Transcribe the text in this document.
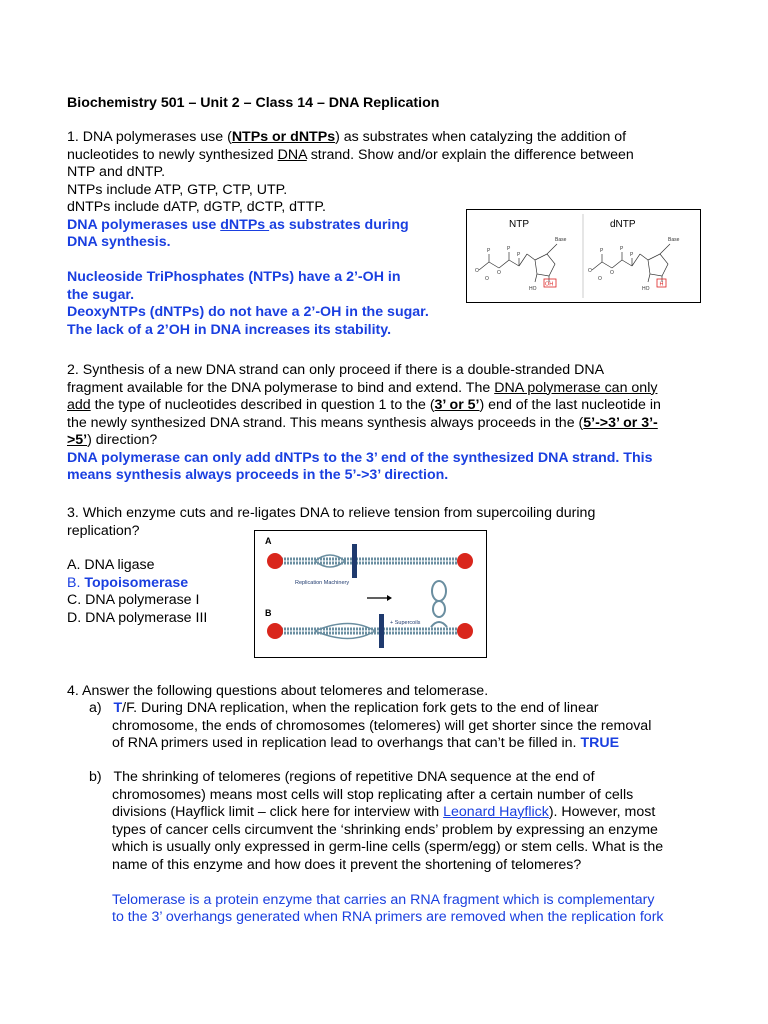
Biochemistry 501 – Unit 2 – Class 14 – DNA Replication

1. DNA polymerases use (NTPs or dNTPs) as substrates when catalyzing the addition of

nucleotides to newly synthesized DNA strand. Show and/or explain the difference between

NTP and dNTP.

NTPs include ATP, GTP, CTP, UTP.

dNTPs include dATP, dGTP, dCTP, dTTP.

DNA polymerases use dNTPs as substrates during

DNA synthesis.

Nucleoside TriPhosphates (NTPs) have a 2’-OH in

the sugar.

DeoxyNTPs (dNTPs) do not have a 2’-OH in the sugar.

The lack of a 2’OH in DNA increases its stability.

NTP	dNTP
O
P	P
P
O
O
Base
HO
OH
O
P	P
P
O
O
Base
HO
H

2. Synthesis of a new DNA strand can only proceed if there is a double-stranded DNA

fragment available for the DNA polymerase to bind and extend. The DNA polymerase can only

add the type of nucleotides described in question 1 to the (3’ or 5’) end of the last nucleotide in

the newly synthesized DNA strand. This means synthesis always proceeds in the (5’->3’ or 3’-

>5’) direction?

DNA polymerase can only add dNTPs to the 3’ end of the synthesized DNA strand. This

means synthesis always proceeds in the 5’->3’ direction.

3. Which enzyme cuts and re-ligates DNA to relieve tension from supercoiling during

replication?

A. DNA ligase

B. Topoisomerase

C. DNA polymerase I

D. DNA polymerase III

A
B
Replication Machinery
+ Supercoils

4. Answer the following questions about telomeres and telomerase.

a) T/F. During DNA replication, when the replication fork gets to the end of linear

chromosome, the ends of chromosomes (telomeres) will get shorter since the removal

of RNA primers used in replication lead to overhangs that can’t be filled in. TRUE

b) The shrinking of telomeres (regions of repetitive DNA sequence at the end of

chromosomes) means most cells will stop replicating after a certain number of cells

divisions (Hayflick limit – click here for interview with Leonard Hayflick). However, most

types of cancer cells circumvent the ‘shrinking ends’ problem by expressing an enzyme

which is usually only expressed in germ-line cells (sperm/egg) or stem cells. What is the

name of this enzyme and how does it prevent the shortening of telomeres?

Telomerase is a protein enzyme that carries an RNA fragment which is complementary

to the 3’ overhangs generated when RNA primers are removed when the replication fork
